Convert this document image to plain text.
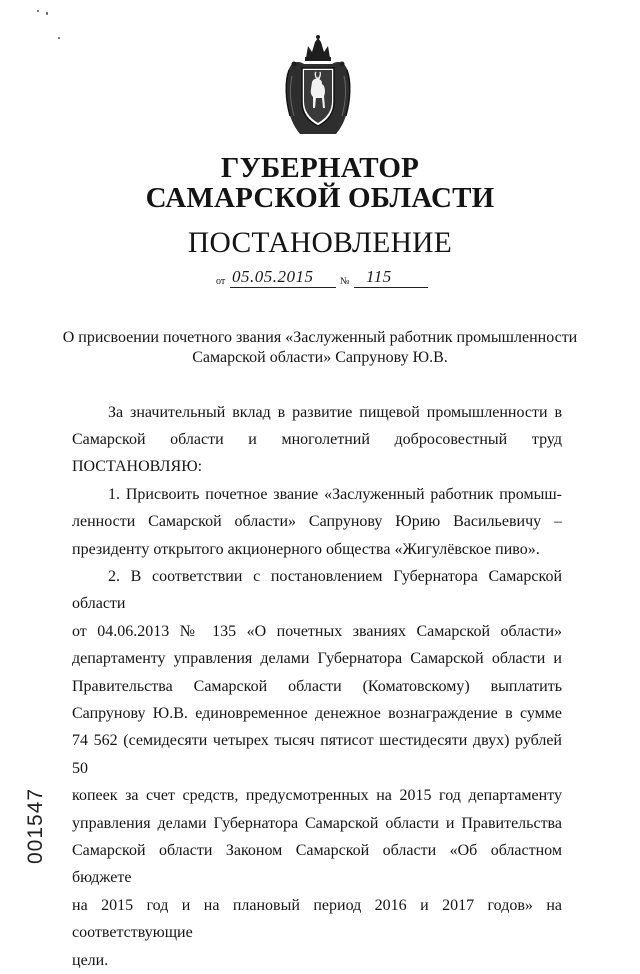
ГУБЕРНАТОР
САМАРСКОЙ ОБЛАСТИ
ПОСТАНОВЛЕНИЕ
от 05.05.2015	№ 115
О присвоении почетного звания «Заслуженный работник промышленности
Самарской области» Сапрунову Ю.В.
За значительный вклад в развитие пищевой промышленности в
Самарской области и многолетний добросовестный труд
ПОСТАНОВЛЯЮ:
1. Присвоить почетное звание «Заслуженный работник промыш-
ленности Самарской области» Сапрунову Юрию Васильевичу –
президенту открытого акционерного общества «Жигулёвское пиво».
2. В соответствии с постановлением Губернатора Самарской области
от 04.06.2013 № 135 «О почетных званиях Самарской области»
департаменту управления делами Губернатора Самарской области и
Правительства Самарской области (Коматовскому) выплатить
Сапрунову Ю.В. единовременное денежное вознаграждение в сумме
74 562 (семидесяти четырех тысяч пятисот шестидесяти двух) рублей 50
копеек за счет средств, предусмотренных на 2015 год департаменту
управления делами Губернатора Самарской области и Правительства
Самарской области Законом Самарской области «Об областном бюджете
на 2015 год и на плановый период 2016 и 2017 годов» на соответствующие
цели.
001547
